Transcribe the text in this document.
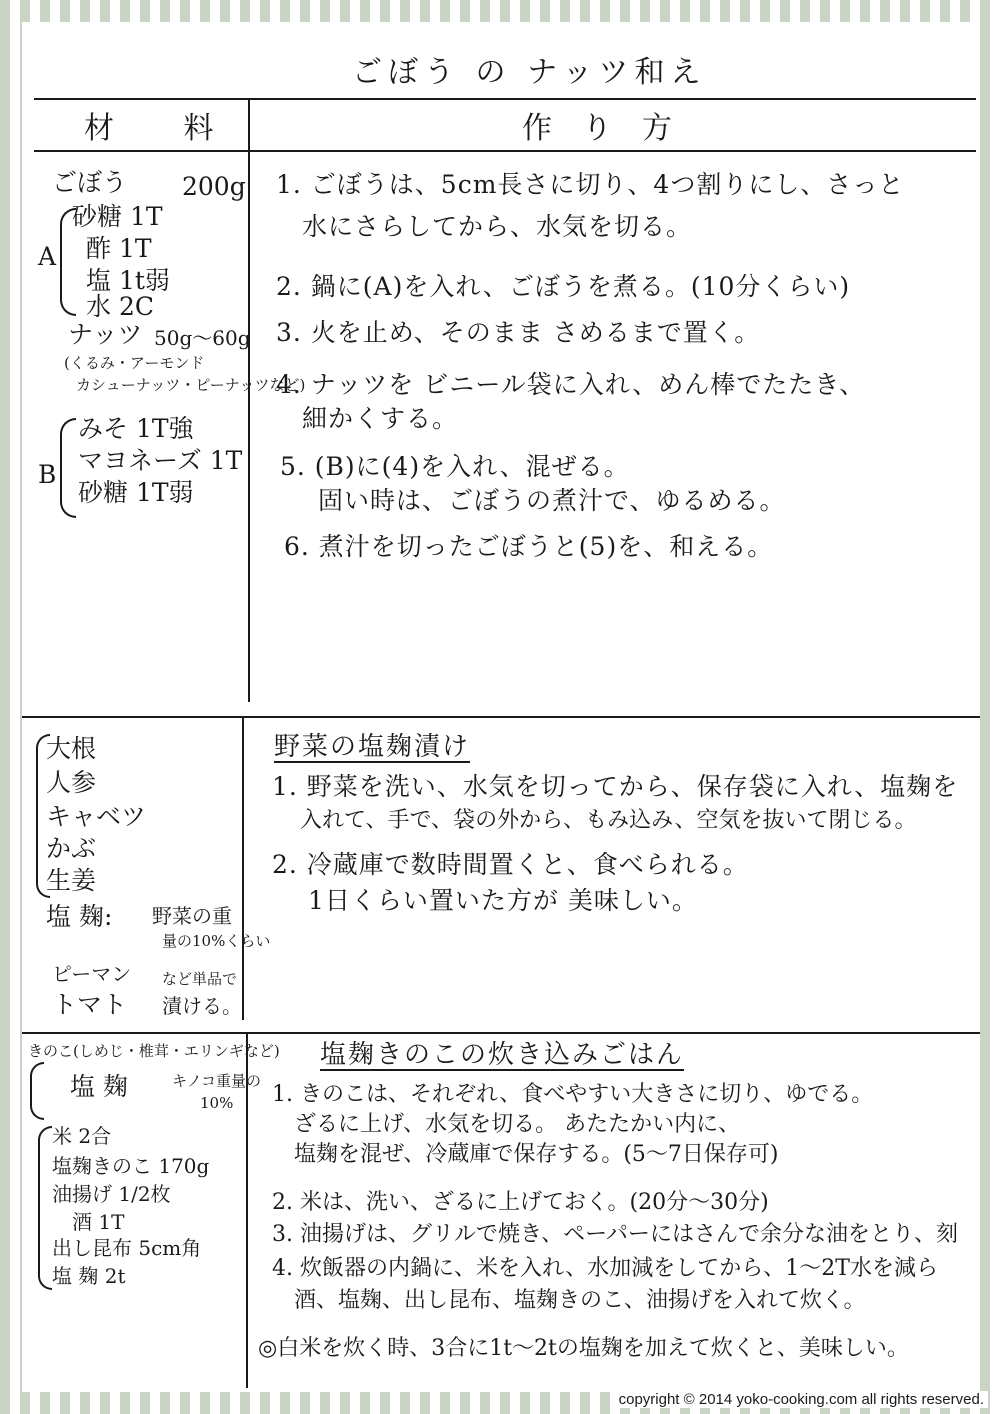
ごぼう の ナッツ和え
材 料	作り方
ごぼう 200g
A
砂糖 1T
酢 1T
塩 1t弱
水 2C
ナッツ 50g～60g
(くるみ・アーモンド
カシューナッツ・ピーナッツなど)
B
みそ 1T強
マヨネーズ 1T
砂糖 1T弱
1. ごぼうは、5cm長さに切り、4つ割りにし、さっと
水にさらしてから、水気を切る。
2. 鍋に(A)を入れ、ごぼうを煮る。(10分くらい)
3. 火を止め、そのまま さめるまで置く。
4. ナッツを ビニール袋に入れ、めん棒でたたき、
細かくする。
5. (B)に(4)を入れ、混ぜる。
固い時は、ごぼうの煮汁で、ゆるめる。
6. 煮汁を切ったごぼうと(5)を、和える。
大根
人参
キャベツ
かぶ
生姜
塩 麹: 野菜の重
量の10%くらい
ピーマン
トマト
など単品で
漬ける。
野菜の塩麹漬け
1. 野菜を洗い、水気を切ってから、保存袋に入れ、塩麹を
入れて、手で、袋の外から、もみ込み、空気を抜いて閉じる。
2. 冷蔵庫で数時間置くと、食べられる。
1日くらい置いた方が 美味しい。
きのこ(しめじ・椎茸・エリンギなど)
塩 麹	キノコ重量の
10%
米 2合
塩麹きのこ 170g
油揚げ 1/2枚
酒 1T
出し昆布 5cm角
塩 麹 2t
塩麹きのこの炊き込みごはん
1. きのこは、それぞれ、食べやすい大きさに切り、ゆでる。
ざるに上げ、水気を切る。 あたたかい内に、
塩麹を混ぜ、冷蔵庫で保存する。(5～7日保存可)
2. 米は、洗い、ざるに上げておく。(20分～30分)
3. 油揚げは、グリルで焼き、ペーパーにはさんで余分な油をとり、刻
4. 炊飯器の内鍋に、米を入れ、水加減をしてから、1～2T水を減ら
酒、塩麹、出し昆布、塩麹きのこ、油揚げを入れて炊く。
◎白米を炊く時、3合に1t～2tの塩麹を加えて炊くと、美味しい。
copyright © 2014 yoko-cooking.com all rights reserved.
